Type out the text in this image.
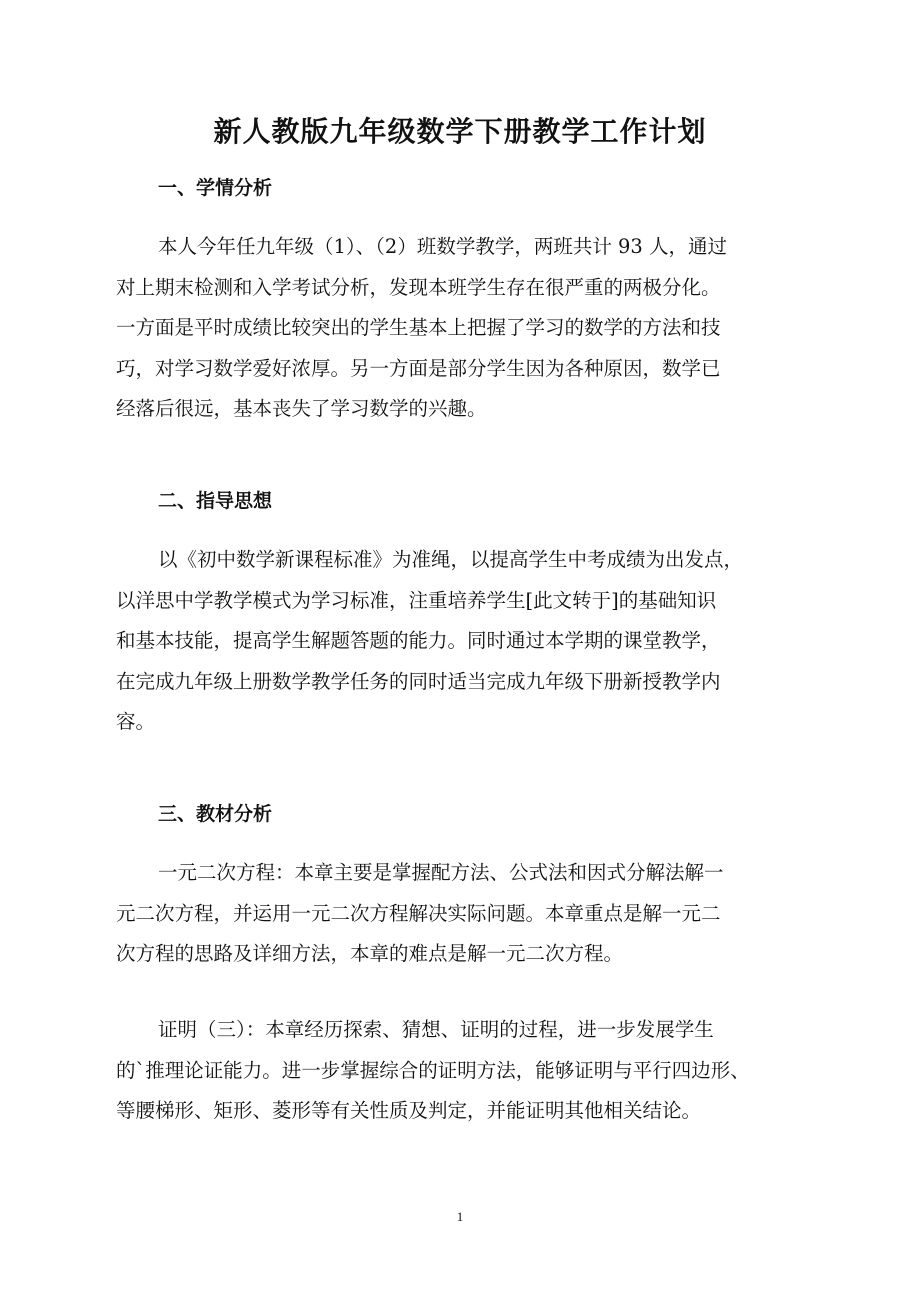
新人教版九年级数学下册教学工作计划
一、学情分析

本人今年任九年级（1）、（2）班数学教学，两班共计 93 人，通过
对上期末检测和入学考试分析，发现本班学生存在很严重的两极分化。
一方面是平时成绩比较突出的学生基本上把握了学习的数学的方法和技
巧，对学习数学爱好浓厚。另一方面是部分学生因为各种原因，数学已
经落后很远，基本丧失了学习数学的兴趣。

二、指导思想

以《初中数学新课程标准》为准绳，以提高学生中考成绩为出发点，
以洋思中学教学模式为学习标准，注重培养学生[此文转于]的基础知识
和基本技能，提高学生解题答题的能力。同时通过本学期的课堂教学，
在完成九年级上册数学教学任务的同时适当完成九年级下册新授教学内
容。

三、教材分析

一元二次方程：本章主要是掌握配方法、公式法和因式分解法解一
元二次方程，并运用一元二次方程解决实际问题。本章重点是解一元二
次方程的思路及详细方法，本章的难点是解一元二次方程。

证明（三）：本章经历探索、猜想、证明的过程，进一步发展学生
的`推理论证能力。进一步掌握综合的证明方法，能够证明与平行四边形、
等腰梯形、矩形、菱形等有关性质及判定，并能证明其他相关结论。

1
